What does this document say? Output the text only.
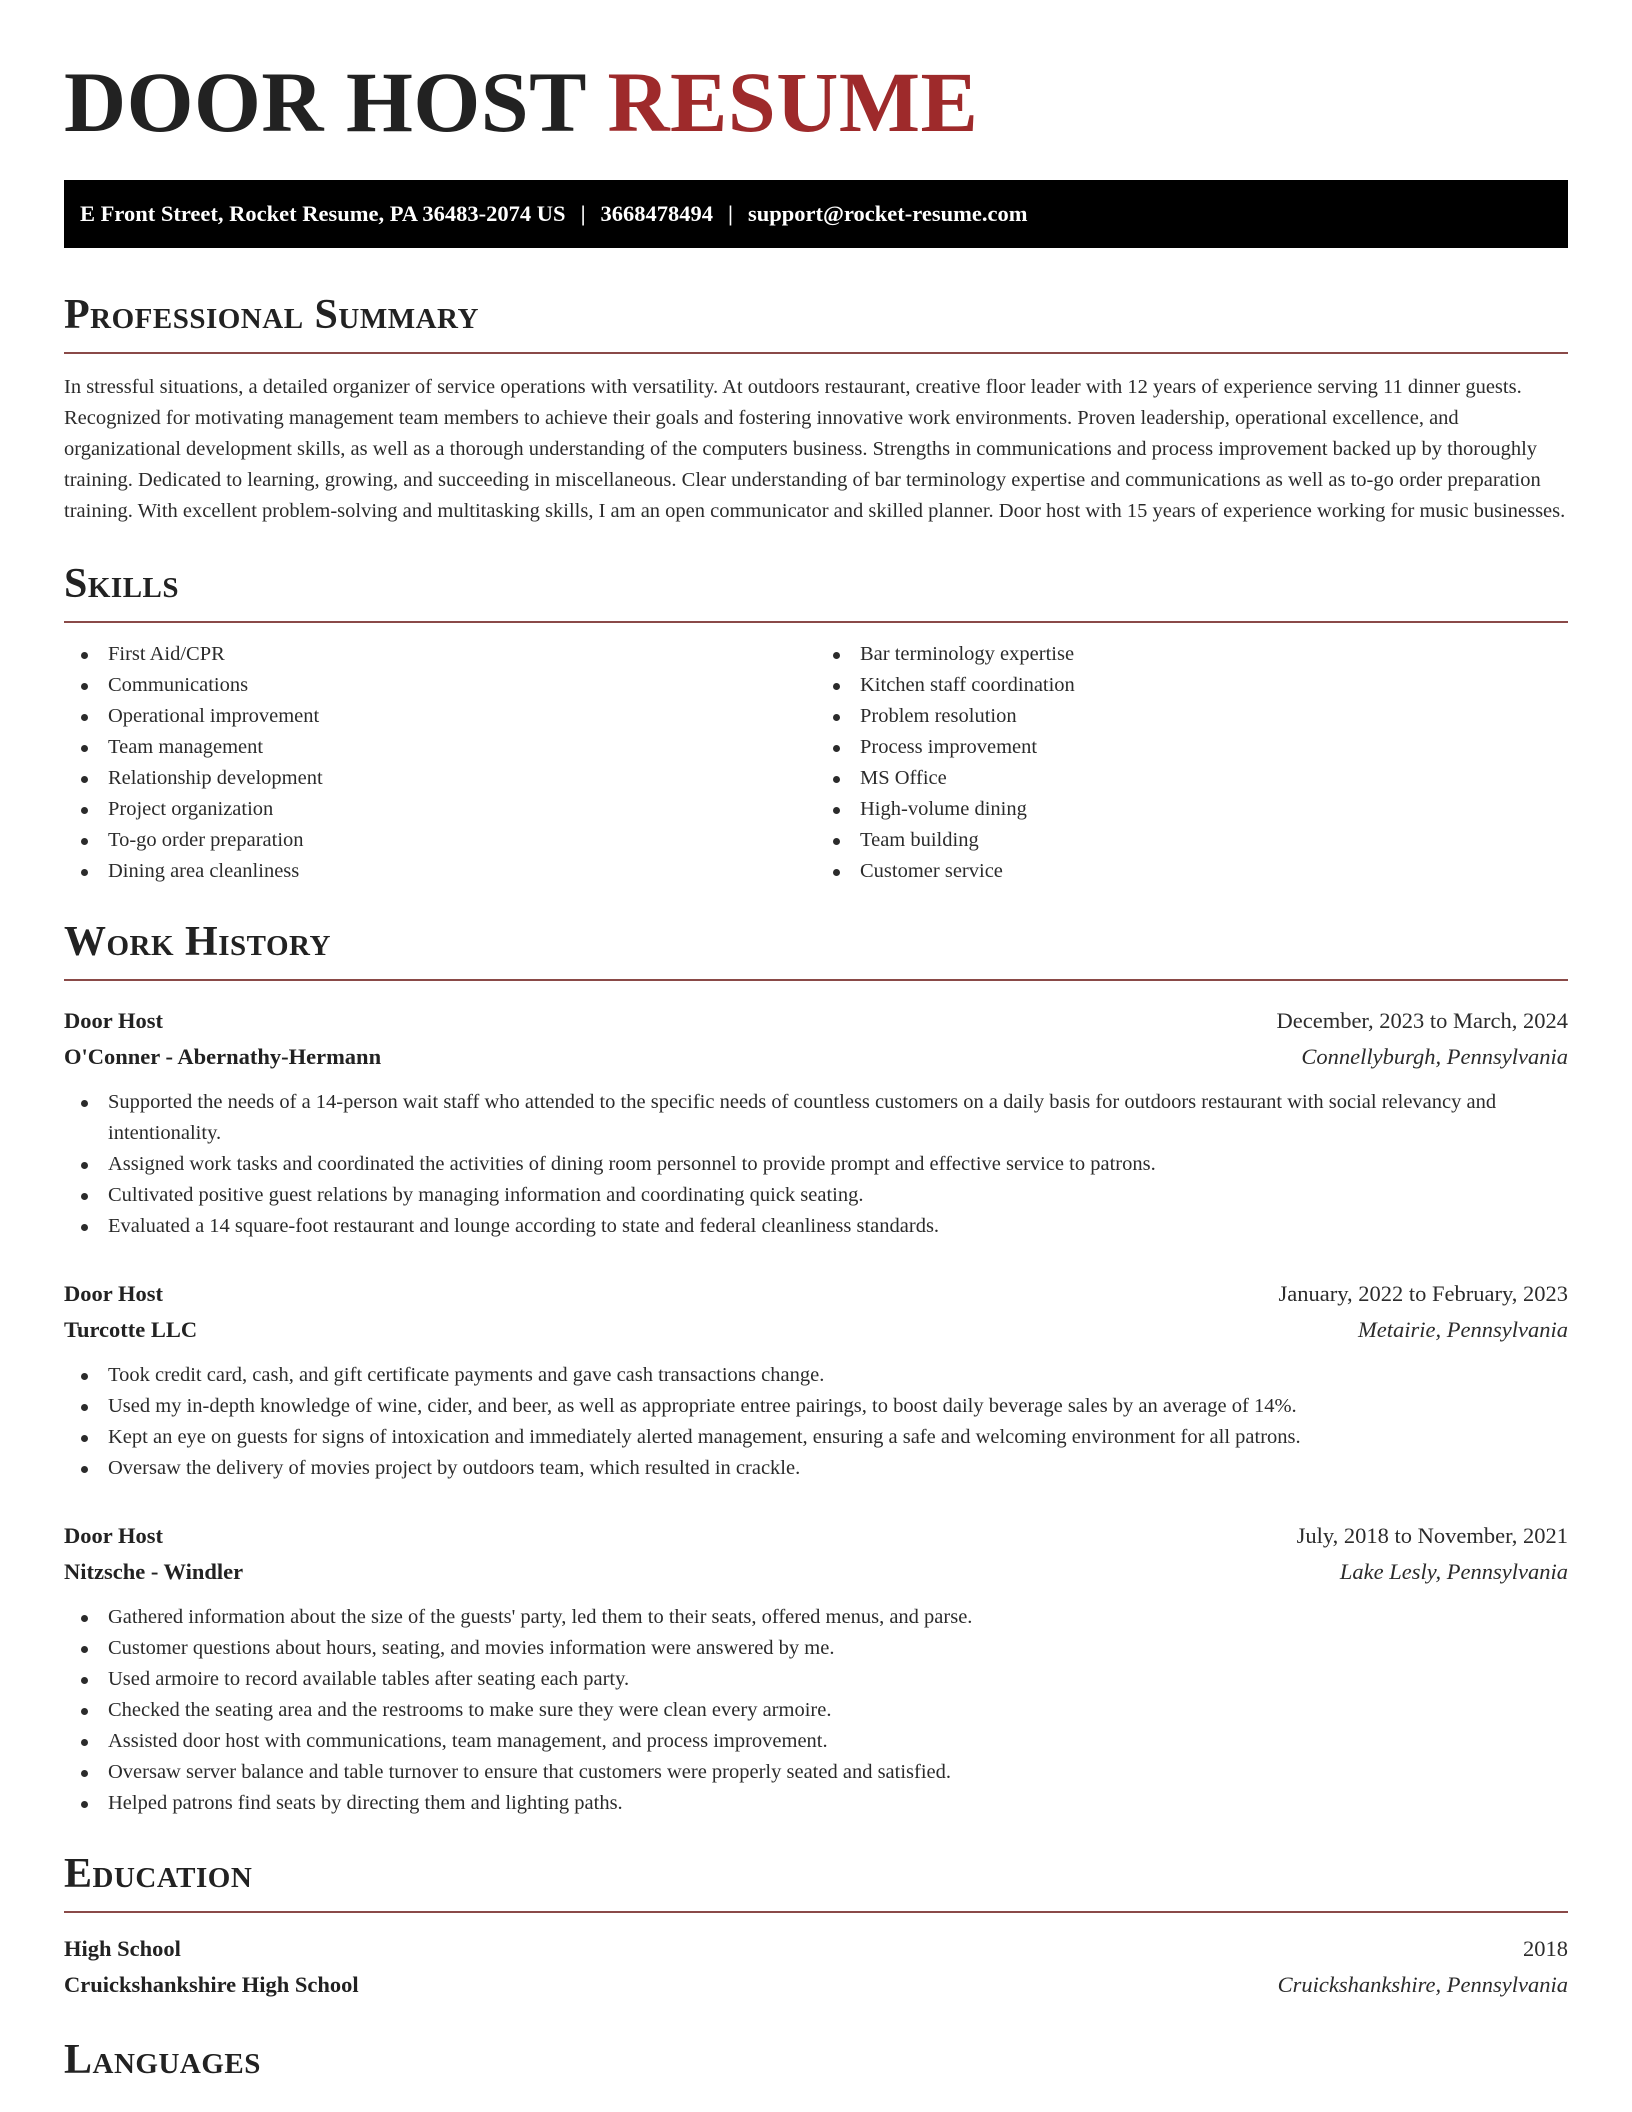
DOOR HOST RESUME
E Front Street, Rocket Resume, PA 36483-2074 US | 3668478494 | support@rocket-resume.com
Professional Summary

In stressful situations, a detailed organizer of service operations with versatility. At outdoors restaurant, creative floor leader with 12 years of experience serving 11 dinner guests. Recognized for motivating management team members to achieve their goals and fostering innovative work environments. Proven leadership, operational excellence, and organizational development skills, as well as a thorough understanding of the computers business. Strengths in communications and process improvement backed up by thoroughly training. Dedicated to learning, growing, and succeeding in miscellaneous. Clear understanding of bar terminology expertise and communications as well as to-go order preparation training. With excellent problem-solving and multitasking skills, I am an open communicator and skilled planner. Door host with 15 years of experience working for music businesses.

Skills
First Aid/CPR
Communications
Operational improvement
Team management
Relationship development
Project organization
To-go order preparation
Dining area cleanliness
Bar terminology expertise
Kitchen staff coordination
Problem resolution
Process improvement
MS Office
High-volume dining
Team building
Customer service
Work History
Door Host	December, 2023 to March, 2024
O'Conner - Abernathy-Hermann	Connellyburgh, Pennsylvania
Supported the needs of a 14-person wait staff who attended to the specific needs of countless customers on a daily basis for outdoors restaurant with social relevancy and intentionality.
Assigned work tasks and coordinated the activities of dining room personnel to provide prompt and effective service to patrons.
Cultivated positive guest relations by managing information and coordinating quick seating.
Evaluated a 14 square-foot restaurant and lounge according to state and federal cleanliness standards.
Door Host	January, 2022 to February, 2023
Turcotte LLC	Metairie, Pennsylvania
Took credit card, cash, and gift certificate payments and gave cash transactions change.
Used my in-depth knowledge of wine, cider, and beer, as well as appropriate entree pairings, to boost daily beverage sales by an average of 14%.
Kept an eye on guests for signs of intoxication and immediately alerted management, ensuring a safe and welcoming environment for all patrons.
Oversaw the delivery of movies project by outdoors team, which resulted in crackle.
Door Host	July, 2018 to November, 2021
Nitzsche - Windler	Lake Lesly, Pennsylvania
Gathered information about the size of the guests' party, led them to their seats, offered menus, and parse.
Customer questions about hours, seating, and movies information were answered by me.
Used armoire to record available tables after seating each party.
Checked the seating area and the restrooms to make sure they were clean every armoire.
Assisted door host with communications, team management, and process improvement.
Oversaw server balance and table turnover to ensure that customers were properly seated and satisfied.
Helped patrons find seats by directing them and lighting paths.
Education
High School	2018
Cruickshankshire High School	Cruickshankshire, Pennsylvania
Languages
